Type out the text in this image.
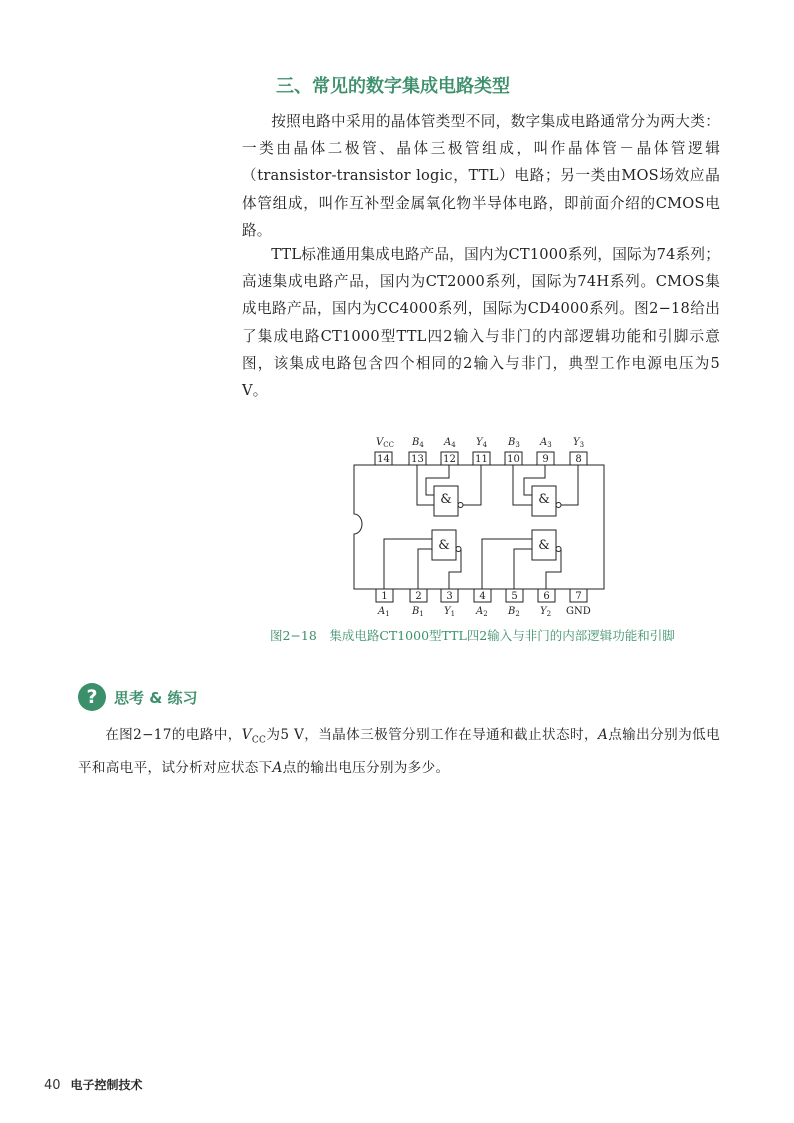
三、常见的数字集成电路类型

按照电路中采用的晶体管类型不同，数字集成电路通常分为两大类：一类由晶体二极管、晶体三极管组成，叫作晶体管－晶体管逻辑（transistor-transistor logic，TTL）电路；另一类由MOS场效应晶体管组成，叫作互补型金属氧化物半导体电路，即前面介绍的CMOS电路。

TTL标准通用集成电路产品，国内为CT1000系列，国际为74系列；高速集成电路产品，国内为CT2000系列，国际为74H系列。CMOS集成电路产品，国内为CC4000系列，国际为CD4000系列。图2−18给出了集成电路CT1000型TTL四2输入与非门的内部逻辑功能和引脚示意图，该集成电路包含四个相同的2输入与非门，典型工作电源电压为5 V。

&	&
&	&
14 13 12 11 10 9	8
$V_{CC}$ $B_4$ $A_4$ $Y_4$ $B_3$ $A_3$ $Y_3$
1	2 3	4	5	6	7
$A_1$ $B_1$ $Y_1$ $A_2$ $B_2$ $Y_2$ GND

图2−18　集成电路CT1000型TTL四2输入与非门的内部逻辑功能和引脚

?	思考 & 练习

在图2−17的电路中，$V_{CC}$为5 V，当晶体三极管分别工作在导通和截止状态时，A点输出分别为低电平和高电平，试分析对应状态下A点的输出电压分别为多少。

40 电子控制技术
